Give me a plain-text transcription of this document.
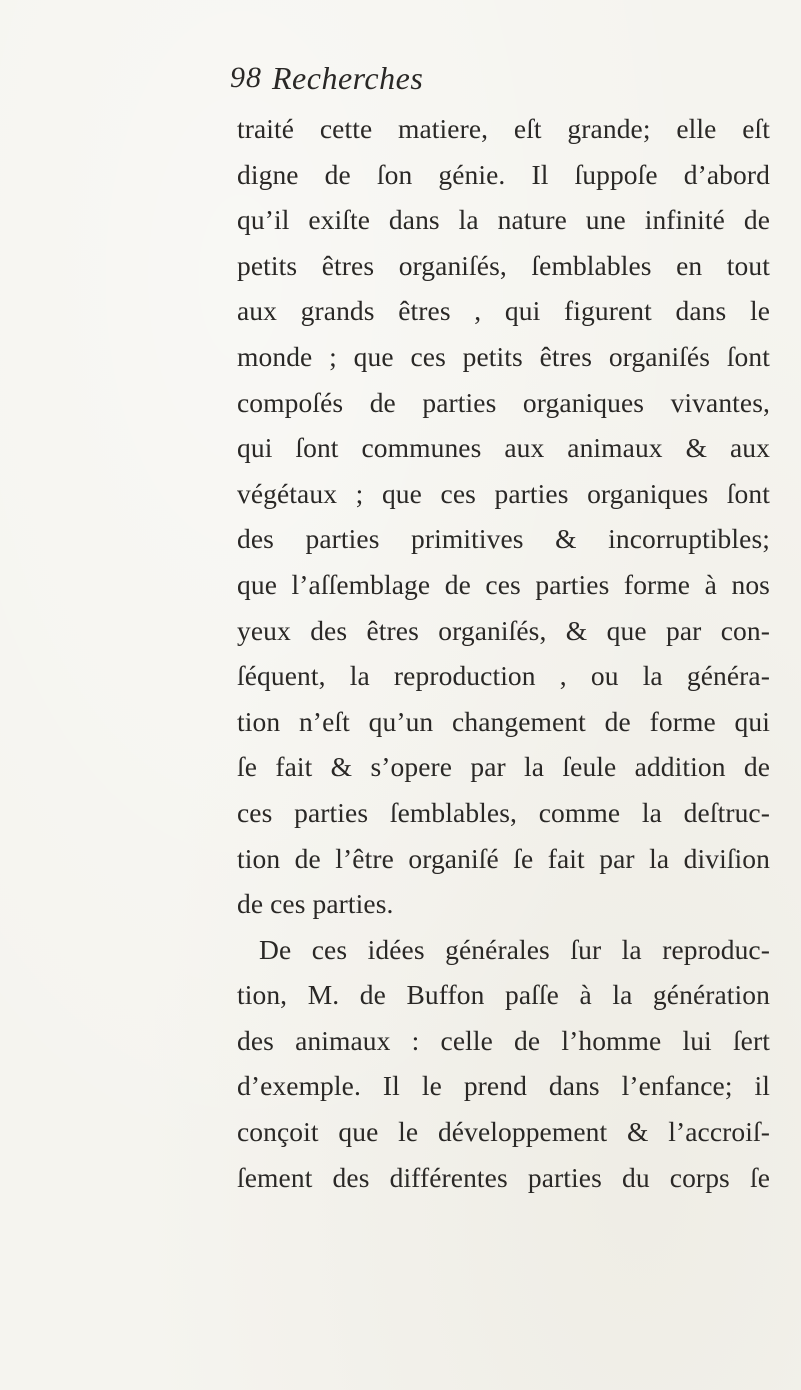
98 Recherches
traité cette matiere, eſt grande; elle eſt
digne de ſon génie. Il ſuppoſe d’abord
qu’il exiſte dans la nature une infinité de
petits êtres organiſés, ſemblables en tout
aux grands êtres , qui figurent dans le
monde ; que ces petits êtres organiſés ſont
compoſés de parties organiques vivantes,
qui ſont communes aux animaux & aux
végétaux ; que ces parties organiques ſont
des parties primitives & incorruptibles;
que l’aſſemblage de ces parties forme à nos
yeux des êtres organiſés, & que par con-
ſéquent, la reproduction , ou la généra-
tion n’eſt qu’un changement de forme qui
ſe fait & s’opere par la ſeule addition de
ces parties ſemblables, comme la deſtruc-
tion de l’être organiſé ſe fait par la diviſion
de ces parties.
De ces idées générales ſur la reproduc-
tion, M. de Buffon paſſe à la génération
des animaux : celle de l’homme lui ſert
d’exemple. Il le prend dans l’enfance; il
conçoit que le développement & l’accroiſ-
ſement des différentes parties du corps ſe
